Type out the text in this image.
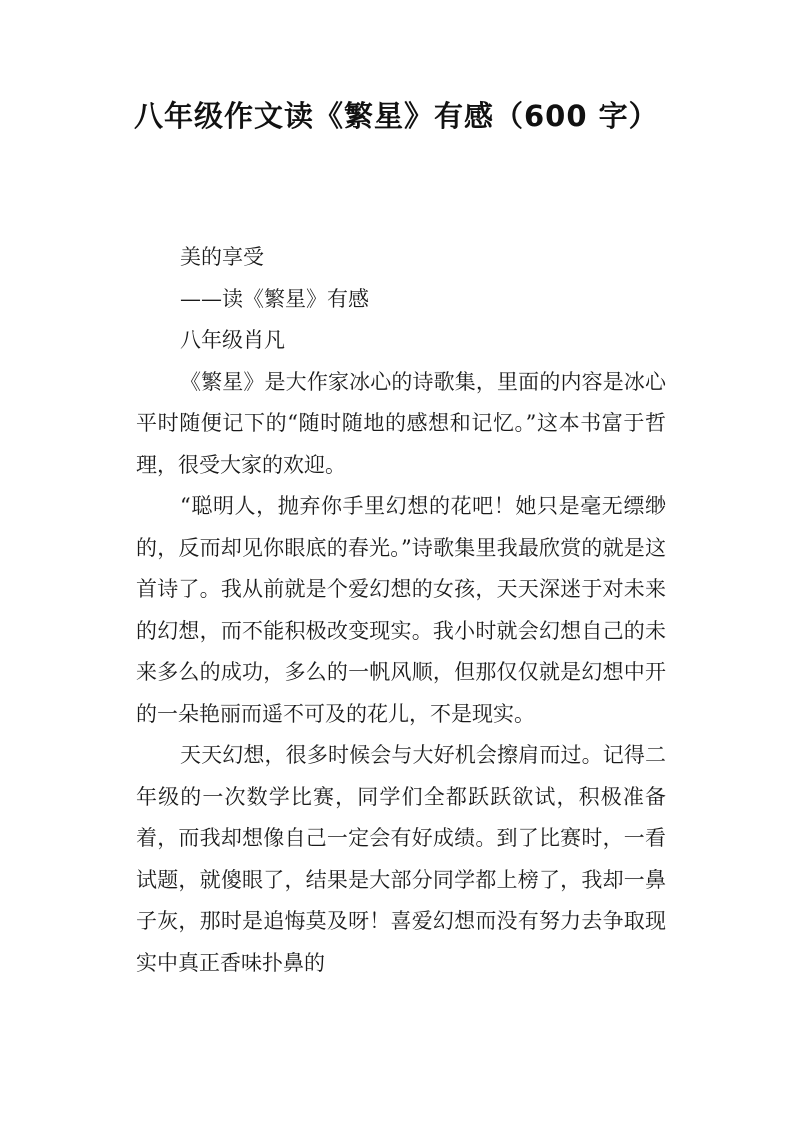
八年级作文读《繁星》有感（600 字）

美的享受

——读《繁星》有感

八年级肖凡

《繁星》是大作家冰心的诗歌集，里面的内容是冰心平时随便记下的“随时随地的感想和记忆。”这本书富于哲理，很受大家的欢迎。

“聪明人，抛弃你手里幻想的花吧！她只是毫无缥缈的，反而却见你眼底的春光。”诗歌集里我最欣赏的就是这首诗了。我从前就是个爱幻想的女孩，天天深迷于对未来的幻想，而不能积极改变现实。我小时就会幻想自己的未来多么的成功，多么的一帆风顺，但那仅仅就是幻想中开的一朵艳丽而遥不可及的花儿，不是现实。

天天幻想，很多时候会与大好机会擦肩而过。记得二年级的一次数学比赛，同学们全都跃跃欲试，积极准备着，而我却想像自己一定会有好成绩。到了比赛时，一看试题，就傻眼了，结果是大部分同学都上榜了，我却一鼻子灰，那时是追悔莫及呀！喜爱幻想而没有努力去争取现实中真正香味扑鼻的
